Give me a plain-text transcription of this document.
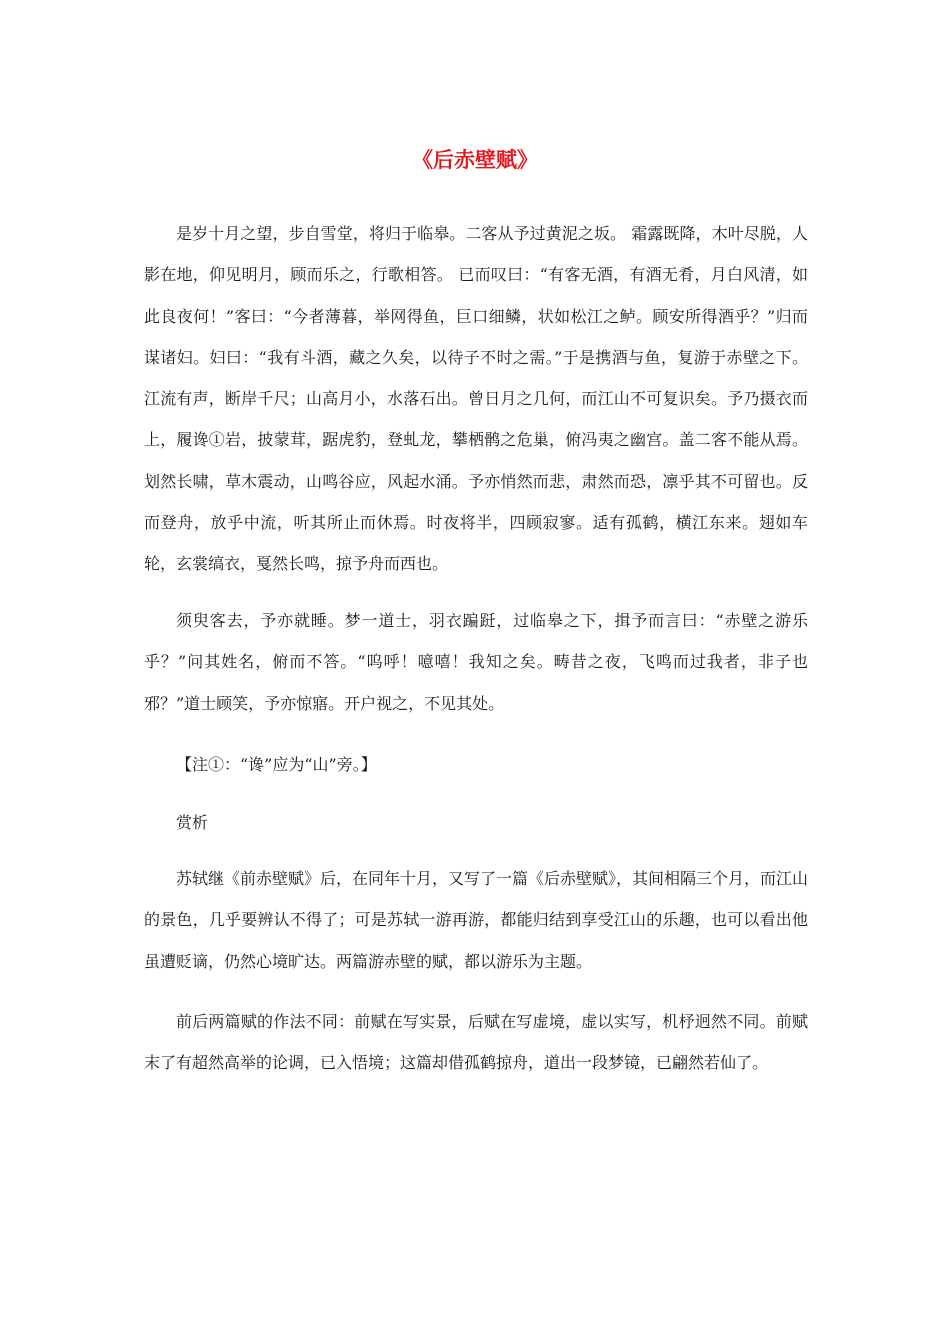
《后赤壁赋》

是岁十月之望，步自雪堂，将归于临皋。二客从予过黄泥之坂。 霜露既降，木叶尽脱，人影在地，仰见明月，顾而乐之，行歌相答。 已而叹曰：“有客无酒，有酒无肴，月白风清，如此良夜何！”客曰：“今者薄暮，举网得鱼，巨口细鳞，状如松江之鲈。顾安所得酒乎？”归而谋诸妇。妇曰：“我有斗酒，藏之久矣，以待子不时之需。”于是携酒与鱼，复游于赤壁之下。江流有声，断岸千尺；山高月小，水落石出。曾日月之几何，而江山不可复识矣。予乃摄衣而上，履谗①岩，披蒙茸，踞虎豹，登虬龙，攀栖鹘之危巢，俯冯夷之幽宫。盖二客不能从焉。划然长啸，草木震动，山鸣谷应，风起水涌。予亦悄然而悲，肃然而恐，凛乎其不可留也。反而登舟，放乎中流，听其所止而休焉。时夜将半，四顾寂寥。适有孤鹤，横江东来。翅如车轮，玄裳缟衣，戛然长鸣，掠予舟而西也。

须臾客去，予亦就睡。梦一道士，羽衣蹁跹，过临皋之下，揖予而言曰：“赤壁之游乐乎？”问其姓名，俯而不答。“呜呼！噫嘻！我知之矣。畴昔之夜，飞鸣而过我者，非子也邪？”道士顾笑，予亦惊寤。开户视之，不见其处。

【注①：“谗”应为“山”旁。】

赏析

苏轼继《前赤壁赋》后，在同年十月，又写了一篇《后赤壁赋》，其间相隔三个月，而江山的景色，几乎要辨认不得了；可是苏轼一游再游，都能归结到享受江山的乐趣，也可以看出他虽遭贬谪，仍然心境旷达。两篇游赤壁的赋，都以游乐为主题。

前后两篇赋的作法不同：前赋在写实景，后赋在写虚境，虚以实写，机杼迥然不同。前赋末了有超然高举的论调，已入悟境；这篇却借孤鹤掠舟，道出一段梦镜，已翩然若仙了。
